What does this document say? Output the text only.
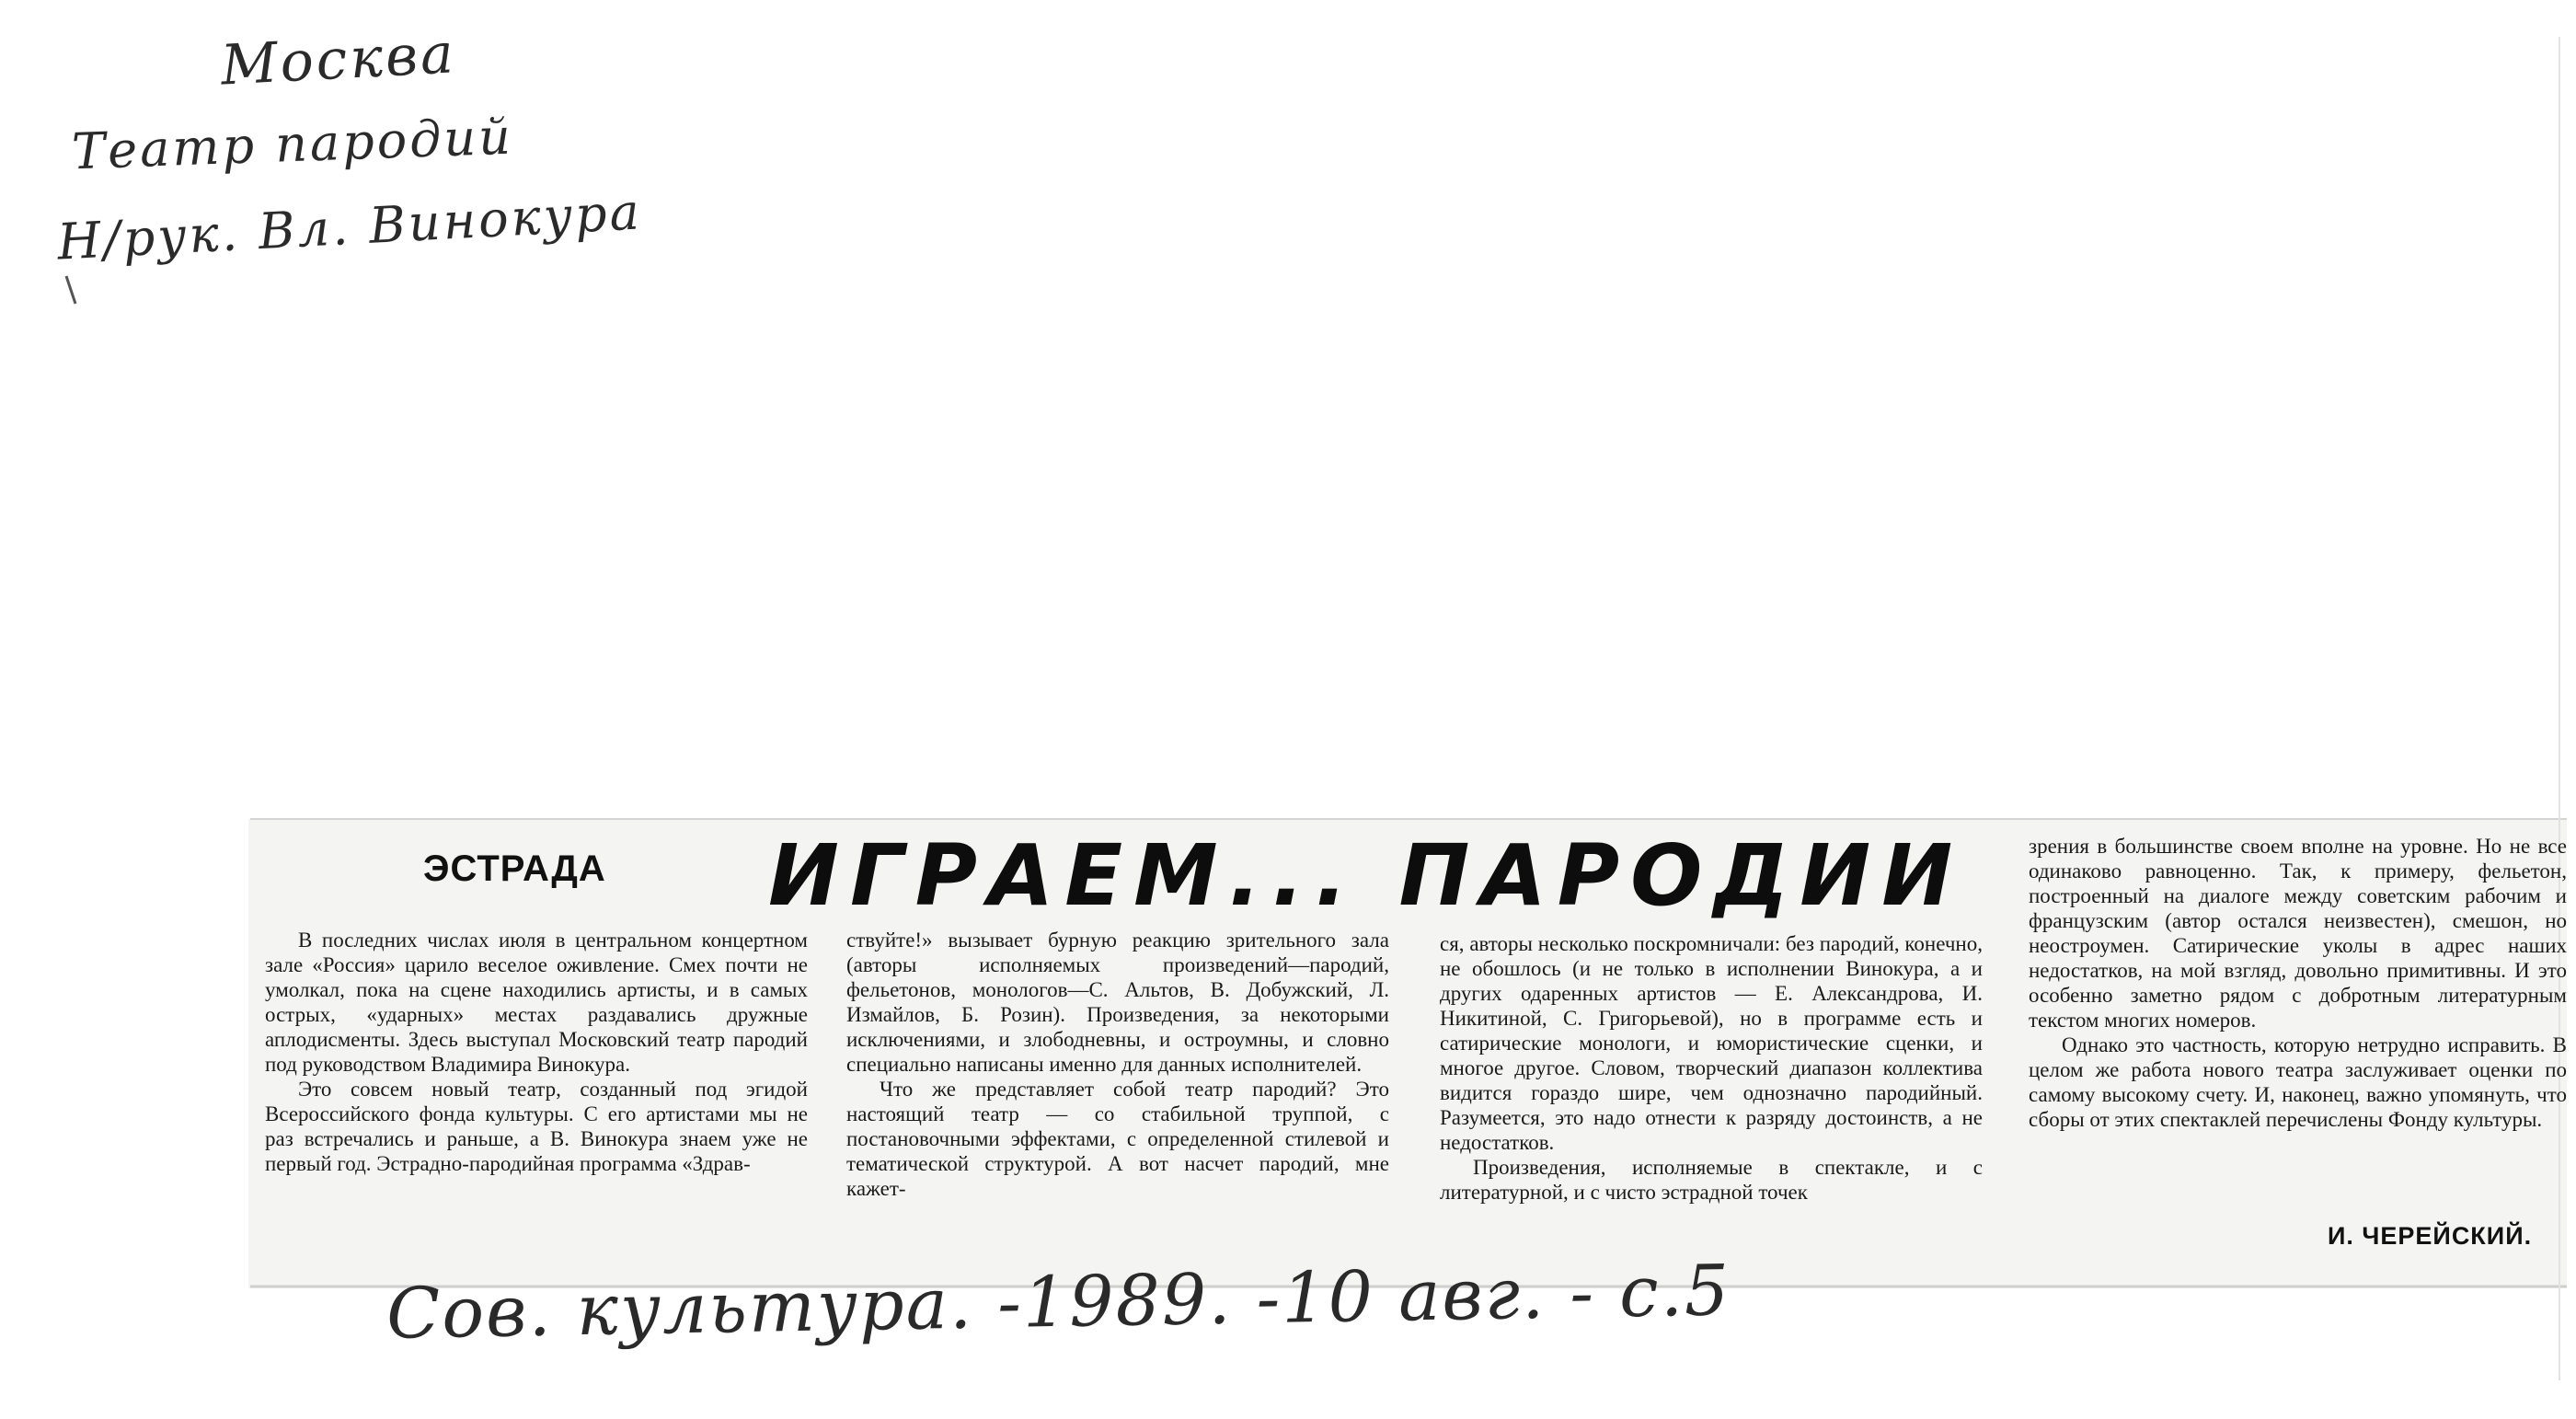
Москва
Театр пародий
Н/рук. Вл. Винокура
ЭСТРАДА ИГРАЕМ... ПАРОДИИ

В последних числах июля в центральном концертном зале «Россия» царило веселое оживление. Смех почти не умолкал, пока на сцене находились артисты, и в самых острых, «ударных» местах раздавались дружные аплодисменты. Здесь выступал Московский театр пародий под руководством Владимира Винокура.

Это совсем новый театр, созданный под эгидой Всероссийского фонда культуры. С его артистами мы не раз встречались и раньше, а В. Винокура знаем уже не первый год. Эстрадно-пародийная программа «Здрав-

ствуйте!» вызывает бурную реакцию зрительного зала (авторы исполняемых произведений—пародий, фельетонов, монологов—С. Альтов, В. Добужский, Л. Измайлов, Б. Розин). Произведения, за некоторыми исключениями, и злободневны, и остроумны, и словно специально написаны именно для данных исполнителей.

Что же представляет собой театр пародий? Это настоящий театр — со стабильной труппой, с постановочными эффектами, с определенной стилевой и тематической структурой. А вот насчет пародий, мне кажет-

ся, авторы несколько поскромничали: без пародий, конечно, не обошлось (и не только в исполнении Винокура, а и других одаренных артистов — Е. Александрова, И. Никитиной, С. Григорьевой), но в программе есть и сатирические монологи, и юмористические сценки, и многое другое. Словом, творческий диапазон коллектива видится гораздо шире, чем однозначно пародийный. Разумеется, это надо отнести к разряду достоинств, а не недостатков.

Произведения, исполняемые в спектакле, и с литературной, и с чисто эстрадной точек

зрения в большинстве своем вполне на уровне. Но не все одинаково равноценно. Так, к примеру, фельетон, построенный на диалоге между советским рабочим и французским (автор остался неизвестен), смешон, но неостроумен. Сатирические уколы в адрес наших недостатков, на мой взгляд, довольно примитивны. И это особенно заметно рядом с добротным литературным текстом многих номеров.

Однако это частность, которую нетрудно исправить. В целом же работа нового театра заслуживает оценки по самому высокому счету. И, наконец, важно упомянуть, что сборы от этих спектаклей перечислены Фонду культуры.

И. ЧЕРЕЙСКИЙ.
Сов. культура. -1989. -10 авг. - с.5
